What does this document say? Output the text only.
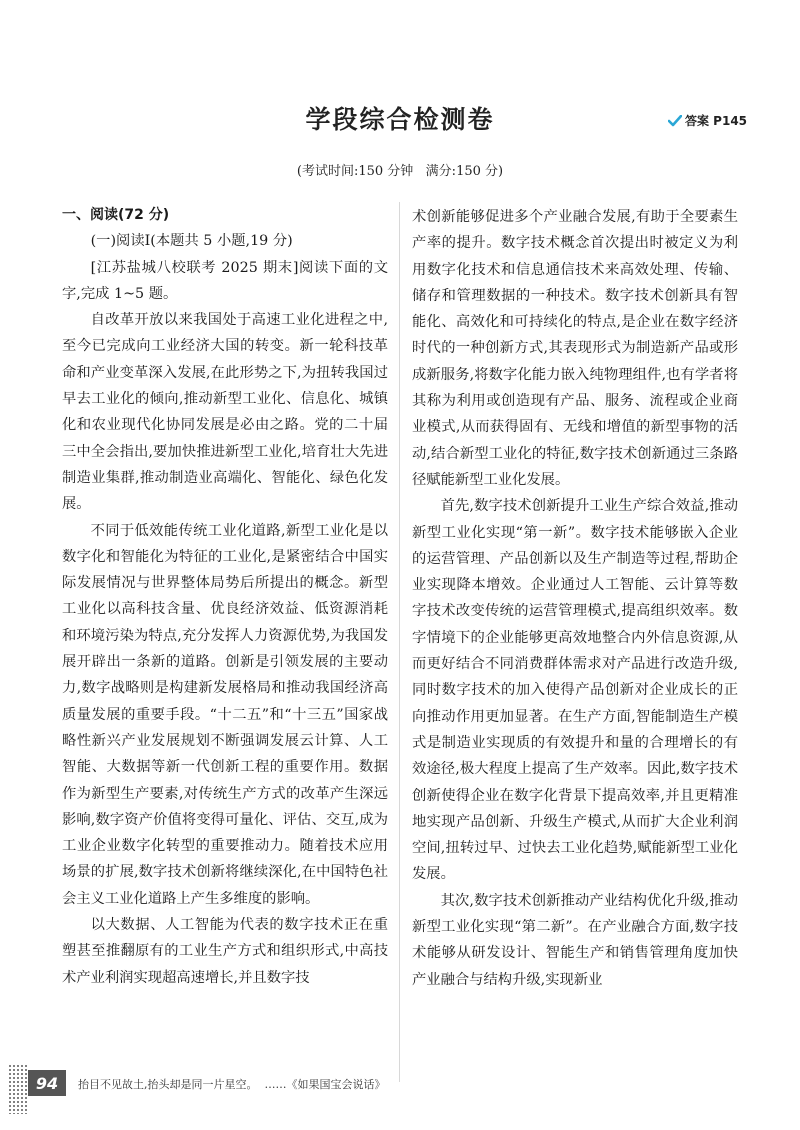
学段综合检测卷	答案 P145
(考试时间:150 分钟   满分:150 分)

一、阅读(72 分)

(一)阅读Ⅰ(本题共 5 小题,19 分)

[江苏盐城八校联考 2025 期末]阅读下面的文字,完成 1~5 题。

自改革开放以来我国处于高速工业化进程之中,至今已完成向工业经济大国的转变。新一轮科技革命和产业变革深入发展,在此形势之下,为扭转我国过早去工业化的倾向,推动新型工业化、信息化、城镇化和农业现代化协同发展是必由之路。党的二十届三中全会指出,要加快推进新型工业化,培育壮大先进制造业集群,推动制造业高端化、智能化、绿色化发展。

不同于低效能传统工业化道路,新型工业化是以数字化和智能化为特征的工业化,是紧密结合中国实际发展情况与世界整体局势后所提出的概念。新型工业化以高科技含量、优良经济效益、低资源消耗和环境污染为特点,充分发挥人力资源优势,为我国发展开辟出一条新的道路。创新是引领发展的主要动力,数字战略则是构建新发展格局和推动我国经济高质量发展的重要手段。“十二五”和“十三五”国家战略性新兴产业发展规划不断强调发展云计算、人工智能、大数据等新一代创新工程的重要作用。数据作为新型生产要素,对传统生产方式的改革产生深远影响,数字资产价值将变得可量化、评估、交互,成为工业企业数字化转型的重要推动力。随着技术应用场景的扩展,数字技术创新将继续深化,在中国特色社会主义工业化道路上产生多维度的影响。

以大数据、人工智能为代表的数字技术正在重塑甚至推翻原有的工业生产方式和组织形式,中高技术产业利润实现超高速增长,并且数字技

术创新能够促进多个产业融合发展,有助于全要素生产率的提升。数字技术概念首次提出时被定义为利用数字化技术和信息通信技术来高效处理、传输、储存和管理数据的一种技术。数字技术创新具有智能化、高效化和可持续化的特点,是企业在数字经济时代的一种创新方式,其表现形式为制造新产品或形成新服务,将数字化能力嵌入纯物理组件,也有学者将其称为利用或创造现有产品、服务、流程或企业商业模式,从而获得固有、无线和增值的新型事物的活动,结合新型工业化的特征,数字技术创新通过三条路径赋能新型工业化发展。

首先,数字技术创新提升工业生产综合效益,推动新型工业化实现“第一新”。数字技术能够嵌入企业的运营管理、产品创新以及生产制造等过程,帮助企业实现降本增效。企业通过人工智能、云计算等数字技术改变传统的运营管理模式,提高组织效率。数字情境下的企业能够更高效地整合内外信息资源,从而更好结合不同消费群体需求对产品进行改造升级,同时数字技术的加入使得产品创新对企业成长的正向推动作用更加显著。在生产方面,智能制造生产模式是制造业实现质的有效提升和量的合理增长的有效途径,极大程度上提高了生产效率。因此,数字技术创新使得企业在数字化背景下提高效率,并且更精准地实现产品创新、升级生产模式,从而扩大企业利润空间,扭转过早、过快去工业化趋势,赋能新型工业化发展。

其次,数字技术创新推动产业结构优化升级,推动新型工业化实现“第二新”。在产业融合方面,数字技术能够从研发设计、智能生产和销售管理角度加快产业融合与结构升级,实现新业

94	抬目不见故土,抬头却是同一片星空。  ……《如果国宝会说话》
